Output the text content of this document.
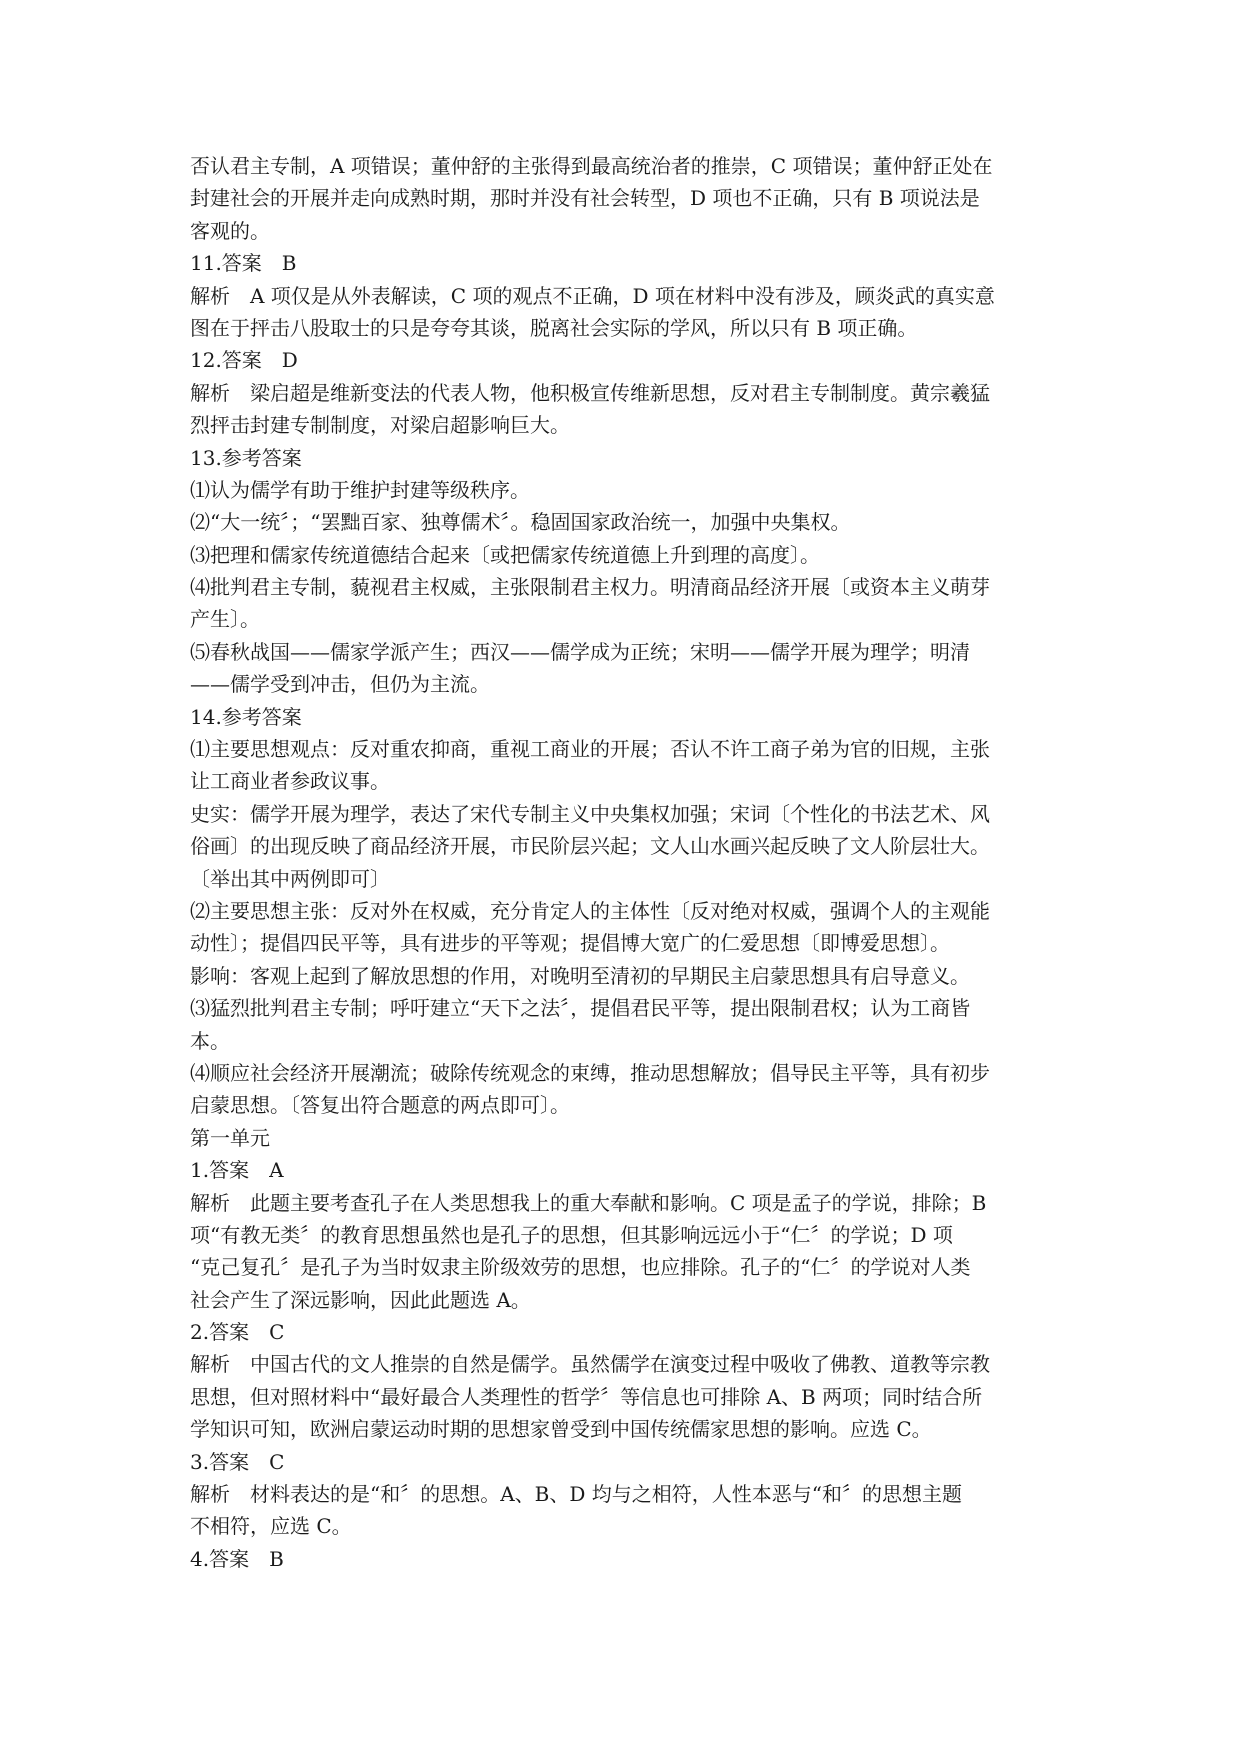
否认君主专制，A 项错误；董仲舒的主张得到最高统治者的推崇，C 项错误；董仲舒正处在
封建社会的开展并走向成熟时期，那时并没有社会转型，D 项也不正确，只有 B 项说法是
客观的。
11.答案　B
解析　A 项仅是从外表解读，C 项的观点不正确，D 项在材料中没有涉及，顾炎武的真实意
图在于抨击八股取士的只是夸夸其谈，脱离社会实际的学风，所以只有 B 项正确。
12.答案　D
解析　梁启超是维新变法的代表人物，他积极宣传维新思想，反对君主专制制度。黄宗羲猛
烈抨击封建专制制度，对梁启超影响巨大。
13.参考答案
⑴认为儒学有助于维护封建等级秩序。
⑵“大一统〞；“罢黜百家、独尊儒术〞。稳固国家政治统一，加强中央集权。
⑶把理和儒家传统道德结合起来〔或把儒家传统道德上升到理的高度〕。
⑷批判君主专制，藐视君主权威，主张限制君主权力。明清商品经济开展〔或资本主义萌芽
产生〕。
⑸春秋战国——儒家学派产生；西汉——儒学成为正统；宋明——儒学开展为理学；明清
——儒学受到冲击，但仍为主流。
14.参考答案
⑴主要思想观点：反对重农抑商，重视工商业的开展；否认不许工商子弟为官的旧规，主张
让工商业者参政议事。
史实：儒学开展为理学，表达了宋代专制主义中央集权加强；宋词〔个性化的书法艺术、风
俗画〕的出现反映了商品经济开展，市民阶层兴起；文人山水画兴起反映了文人阶层壮大。
〔举出其中两例即可〕
⑵主要思想主张：反对外在权威，充分肯定人的主体性〔反对绝对权威，强调个人的主观能
动性〕；提倡四民平等，具有进步的平等观；提倡博大宽广的仁爱思想〔即博爱思想〕。
影响：客观上起到了解放思想的作用，对晚明至清初的早期民主启蒙思想具有启导意义。
⑶猛烈批判君主专制；呼吁建立“天下之法〞，提倡君民平等，提出限制君权；认为工商皆
本。
⑷顺应社会经济开展潮流；破除传统观念的束缚，推动思想解放；倡导民主平等，具有初步
启蒙思想。〔答复出符合题意的两点即可〕。
第一单元
1.答案　A
解析　此题主要考查孔子在人类思想我上的重大奉献和影响。C 项是孟子的学说，排除；B
项“有教无类〞的教育思想虽然也是孔子的思想，但其影响远远小于“仁〞的学说；D 项
“克己复孔〞是孔子为当时奴隶主阶级效劳的思想，也应排除。孔子的“仁〞的学说对人类
社会产生了深远影响，因此此题选 A。
2.答案　C
解析　中国古代的文人推崇的自然是儒学。虽然儒学在演变过程中吸收了佛教、道教等宗教
思想，但对照材料中“最好最合人类理性的哲学〞等信息也可排除 A、B 两项；同时结合所
学知识可知，欧洲启蒙运动时期的思想家曾受到中国传统儒家思想的影响。应选 C。
3.答案　C
解析　材料表达的是“和〞的思想。A、B、D 均与之相符，人性本恶与“和〞的思想主题
不相符，应选 C。
4.答案　B
